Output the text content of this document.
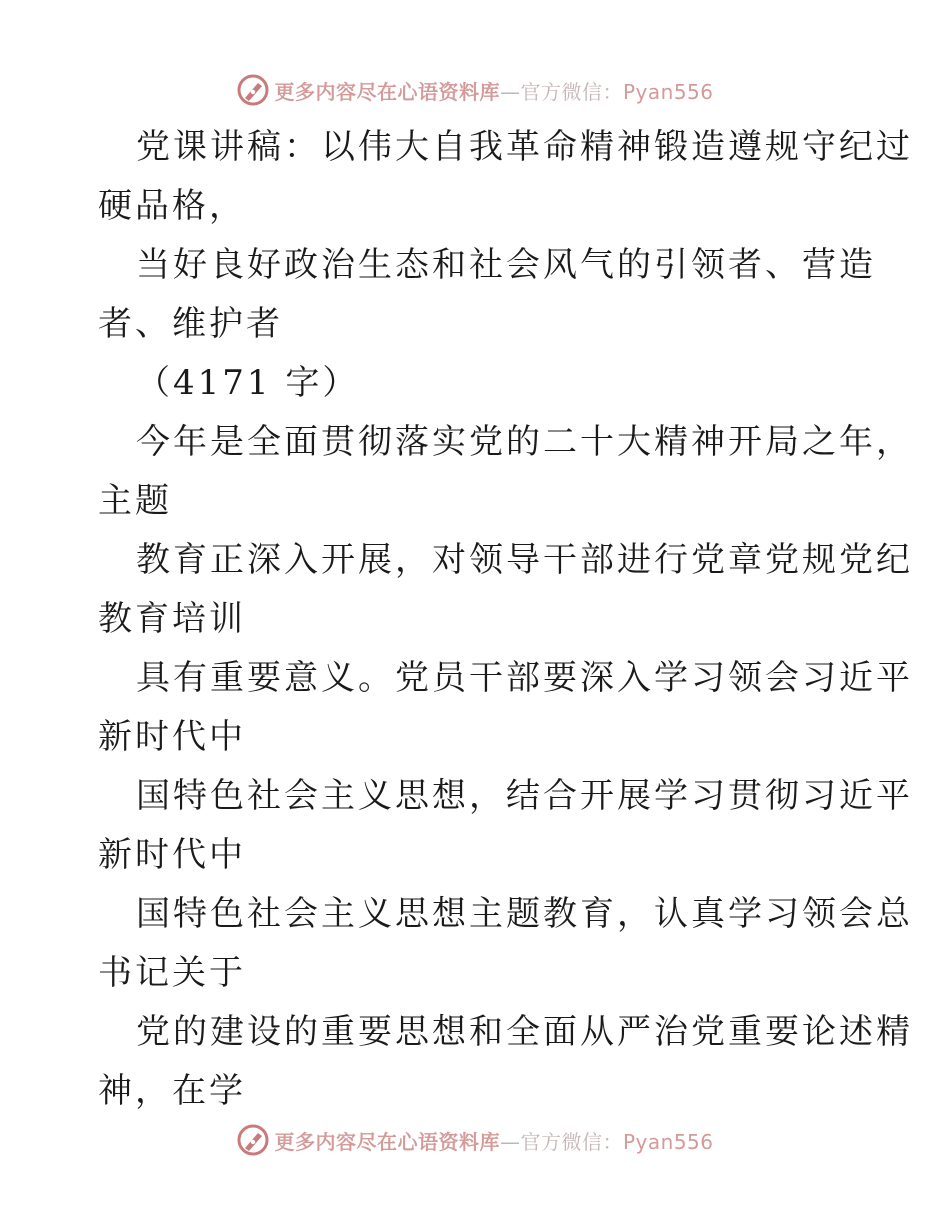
更多内容尽在心语资料库—官方微信：Pyan556
党课讲稿：以伟大自我革命精神锻造遵规守纪过
硬品格，
当好良好政治生态和社会风气的引领者、营造
者、维护者
（4171 字）
今年是全面贯彻落实党的二十大精神开局之年，
主题
教育正深入开展，对领导干部进行党章党规党纪
教育培训
具有重要意义。党员干部要深入学习领会习近平
新时代中
国特色社会主义思想，结合开展学习贯彻习近平
新时代中
国特色社会主义思想主题教育，认真学习领会总
书记关于
党的建设的重要思想和全面从严治党重要论述精
神，在学
更多内容尽在心语资料库—官方微信：Pyan556
